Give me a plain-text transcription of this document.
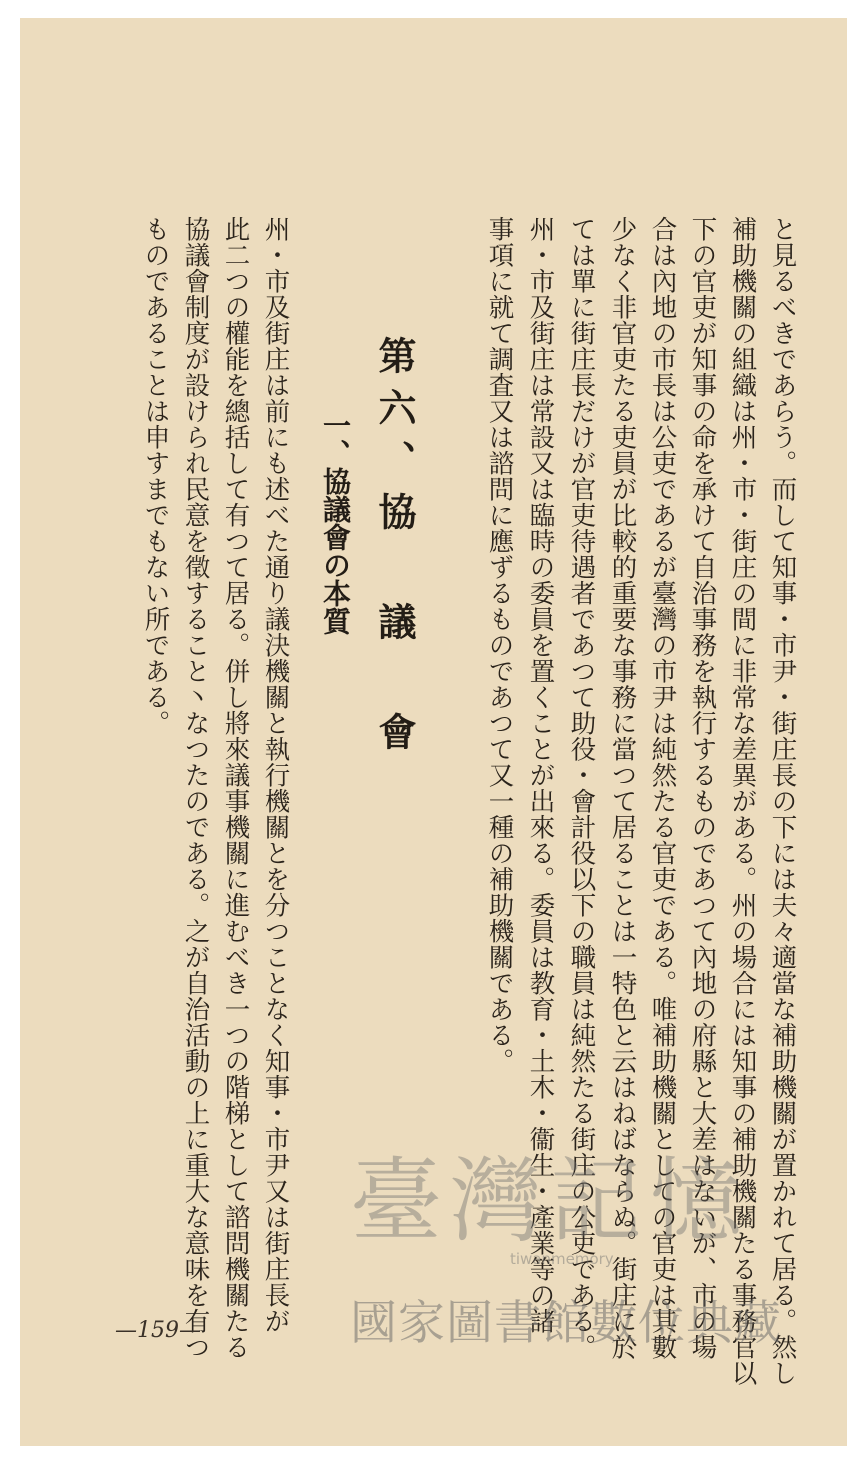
と見るべきであらう。而して知事・市尹・街庄長の下には夫々適當な補助機關が置かれて居る。然し
補助機關の組織は州・市・街庄の間に非常な差異がある。州の場合には知事の補助機關たる事務官以
下の官吏が知事の命を承けて自治事務を執行するものであつて內地の府縣と大差はないが、市の場
合は內地の市長は公吏であるが臺灣の市尹は純然たる官吏である。唯補助機關としての官吏は其數
少なく非官吏たる吏員が比較的重要な事務に當つて居ることは一特色と云はねばならぬ。街庄に於
ては單に街庄長だけが官吏待遇者であつて助役・會計役以下の職員は純然たる街庄の公吏である。
州・市及街庄は常設又は臨時の委員を置くことが出來る。委員は教育・土木・衞生・產業等の諸
事項に就て調査又は諮問に應ずるものであつて又一種の補助機關である。
第六、協 議 會
一、協議會の本質
州・市及街庄は前にも述べた通り議決機關と執行機關とを分つことなく知事・市尹又は街庄長が
此二つの權能を總括して有つて居る。併し將來議事機關に進むべき一つの階梯として諮問機關たる
協議會制度が設けられ民意を徵すること丶なつたのである。之が自治活動の上に重大な意味を有つ
ものであることは申すまでもない所である。
—159—
臺灣記憶
tiwanmemory
國家圖書館數位典藏
